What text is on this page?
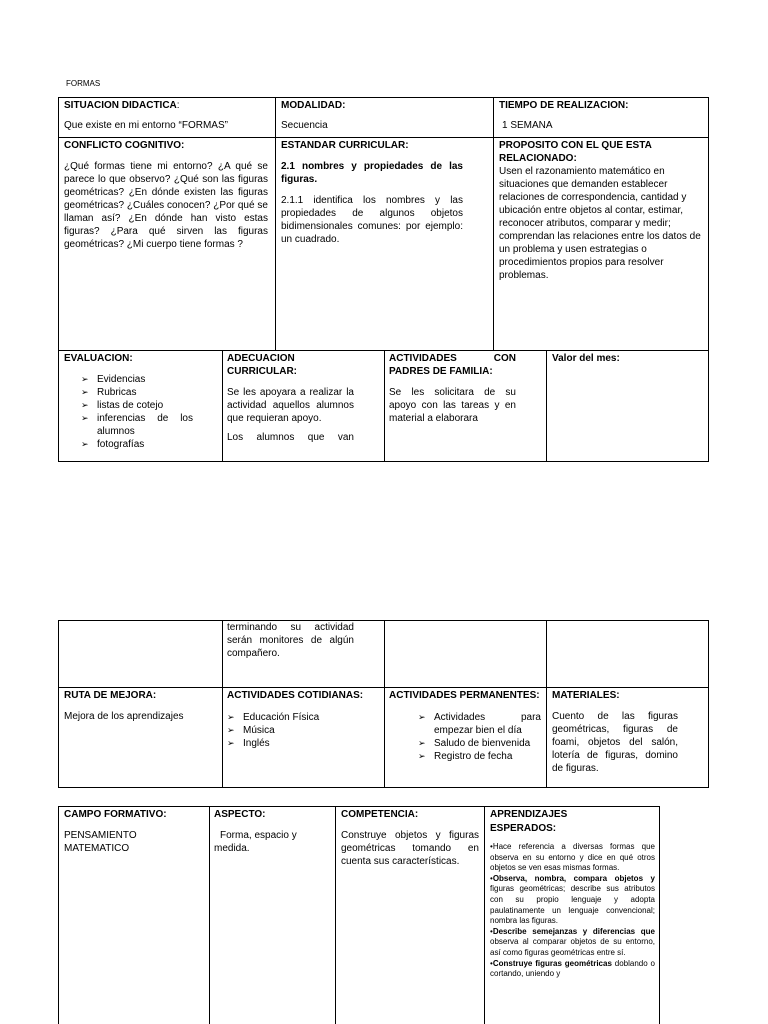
FORMAS
SITUACION DIDACTICA:
Que existe en mi entorno “FORMAS”
MODALIDAD:
Secuencia
TIEMPO DE REALIZACION:
1 SEMANA
CONFLICTO COGNITIVO:
¿Qué formas tiene mi entorno? ¿A qué se parece lo que observo? ¿Qué son las figuras geométricas? ¿En dónde existen las figuras geométricas? ¿Cuáles conocen? ¿Por qué se llaman así? ¿En dónde han visto estas figuras? ¿Para qué sirven las figuras geométricas? ¿Mi cuerpo tiene formas ?
ESTANDAR CURRICULAR:
2.1 nombres y propiedades de las figuras.
2.1.1 identifica los nombres y las propiedades de algunos objetos bidimensionales comunes: por ejemplo: un cuadrado.
PROPOSITO CON EL QUE ESTA RELACIONADO:
Usen el razonamiento matemático en situaciones que demanden establecer relaciones de correspondencia, cantidad y ubicación entre objetos al contar, estimar, reconocer atributos, comparar y medir; comprendan las relaciones entre los datos de un problema y usen estrategias o procedimientos propios para resolver problemas.
EVALUACION:
➢ Evidencias
➢ Rubricas
➢ listas de cotejo
➢ inferencias de los alumnos
➢ fotografías
ADECUACION CURRICULAR:
Se les apoyara a realizar la actividad aquellos alumnos que requieran apoyo.
Los alumnos que van
ACTIVIDADES CON PADRES DE FAMILIA:
Se les solicitara de su apoyo con las tareas y en material a elaborara
Valor del mes:
terminando su actividad serán monitores de algún compañero.
RUTA DE MEJORA:
Mejora de los aprendizajes
ACTIVIDADES COTIDIANAS:
➢ Educación Física
➢ Música
➢ Inglés
ACTIVIDADES PERMANENTES:
➢ Actividades para empezar bien el día
➢ Saludo de bienvenida
➢ Registro de fecha
MATERIALES:
Cuento de las figuras geométricas, figuras de foami, objetos del salón, lotería de figuras, domino de figuras.
CAMPO FORMATIVO:
PENSAMIENTO MATEMATICO
ASPECTO:
Forma, espacio y medida.
COMPETENCIA:
Construye objetos y figuras geométricas tomando en cuenta sus características.
APRENDIZAJES ESPERADOS:

•Hace referencia a diversas formas que observa en su entorno y dice en qué otros objetos se ven esas mismas formas.

•Observa, nombra, compara objetos y figuras geométricas; describe sus atributos con su propio lenguaje y adopta paulatinamente un lenguaje convencional; nombra las figuras.

•Describe semejanzas y diferencias que observa al comparar objetos de su entorno, así como figuras geométricas entre sí.

•Construye figuras geométricas doblando o cortando, uniendo y
